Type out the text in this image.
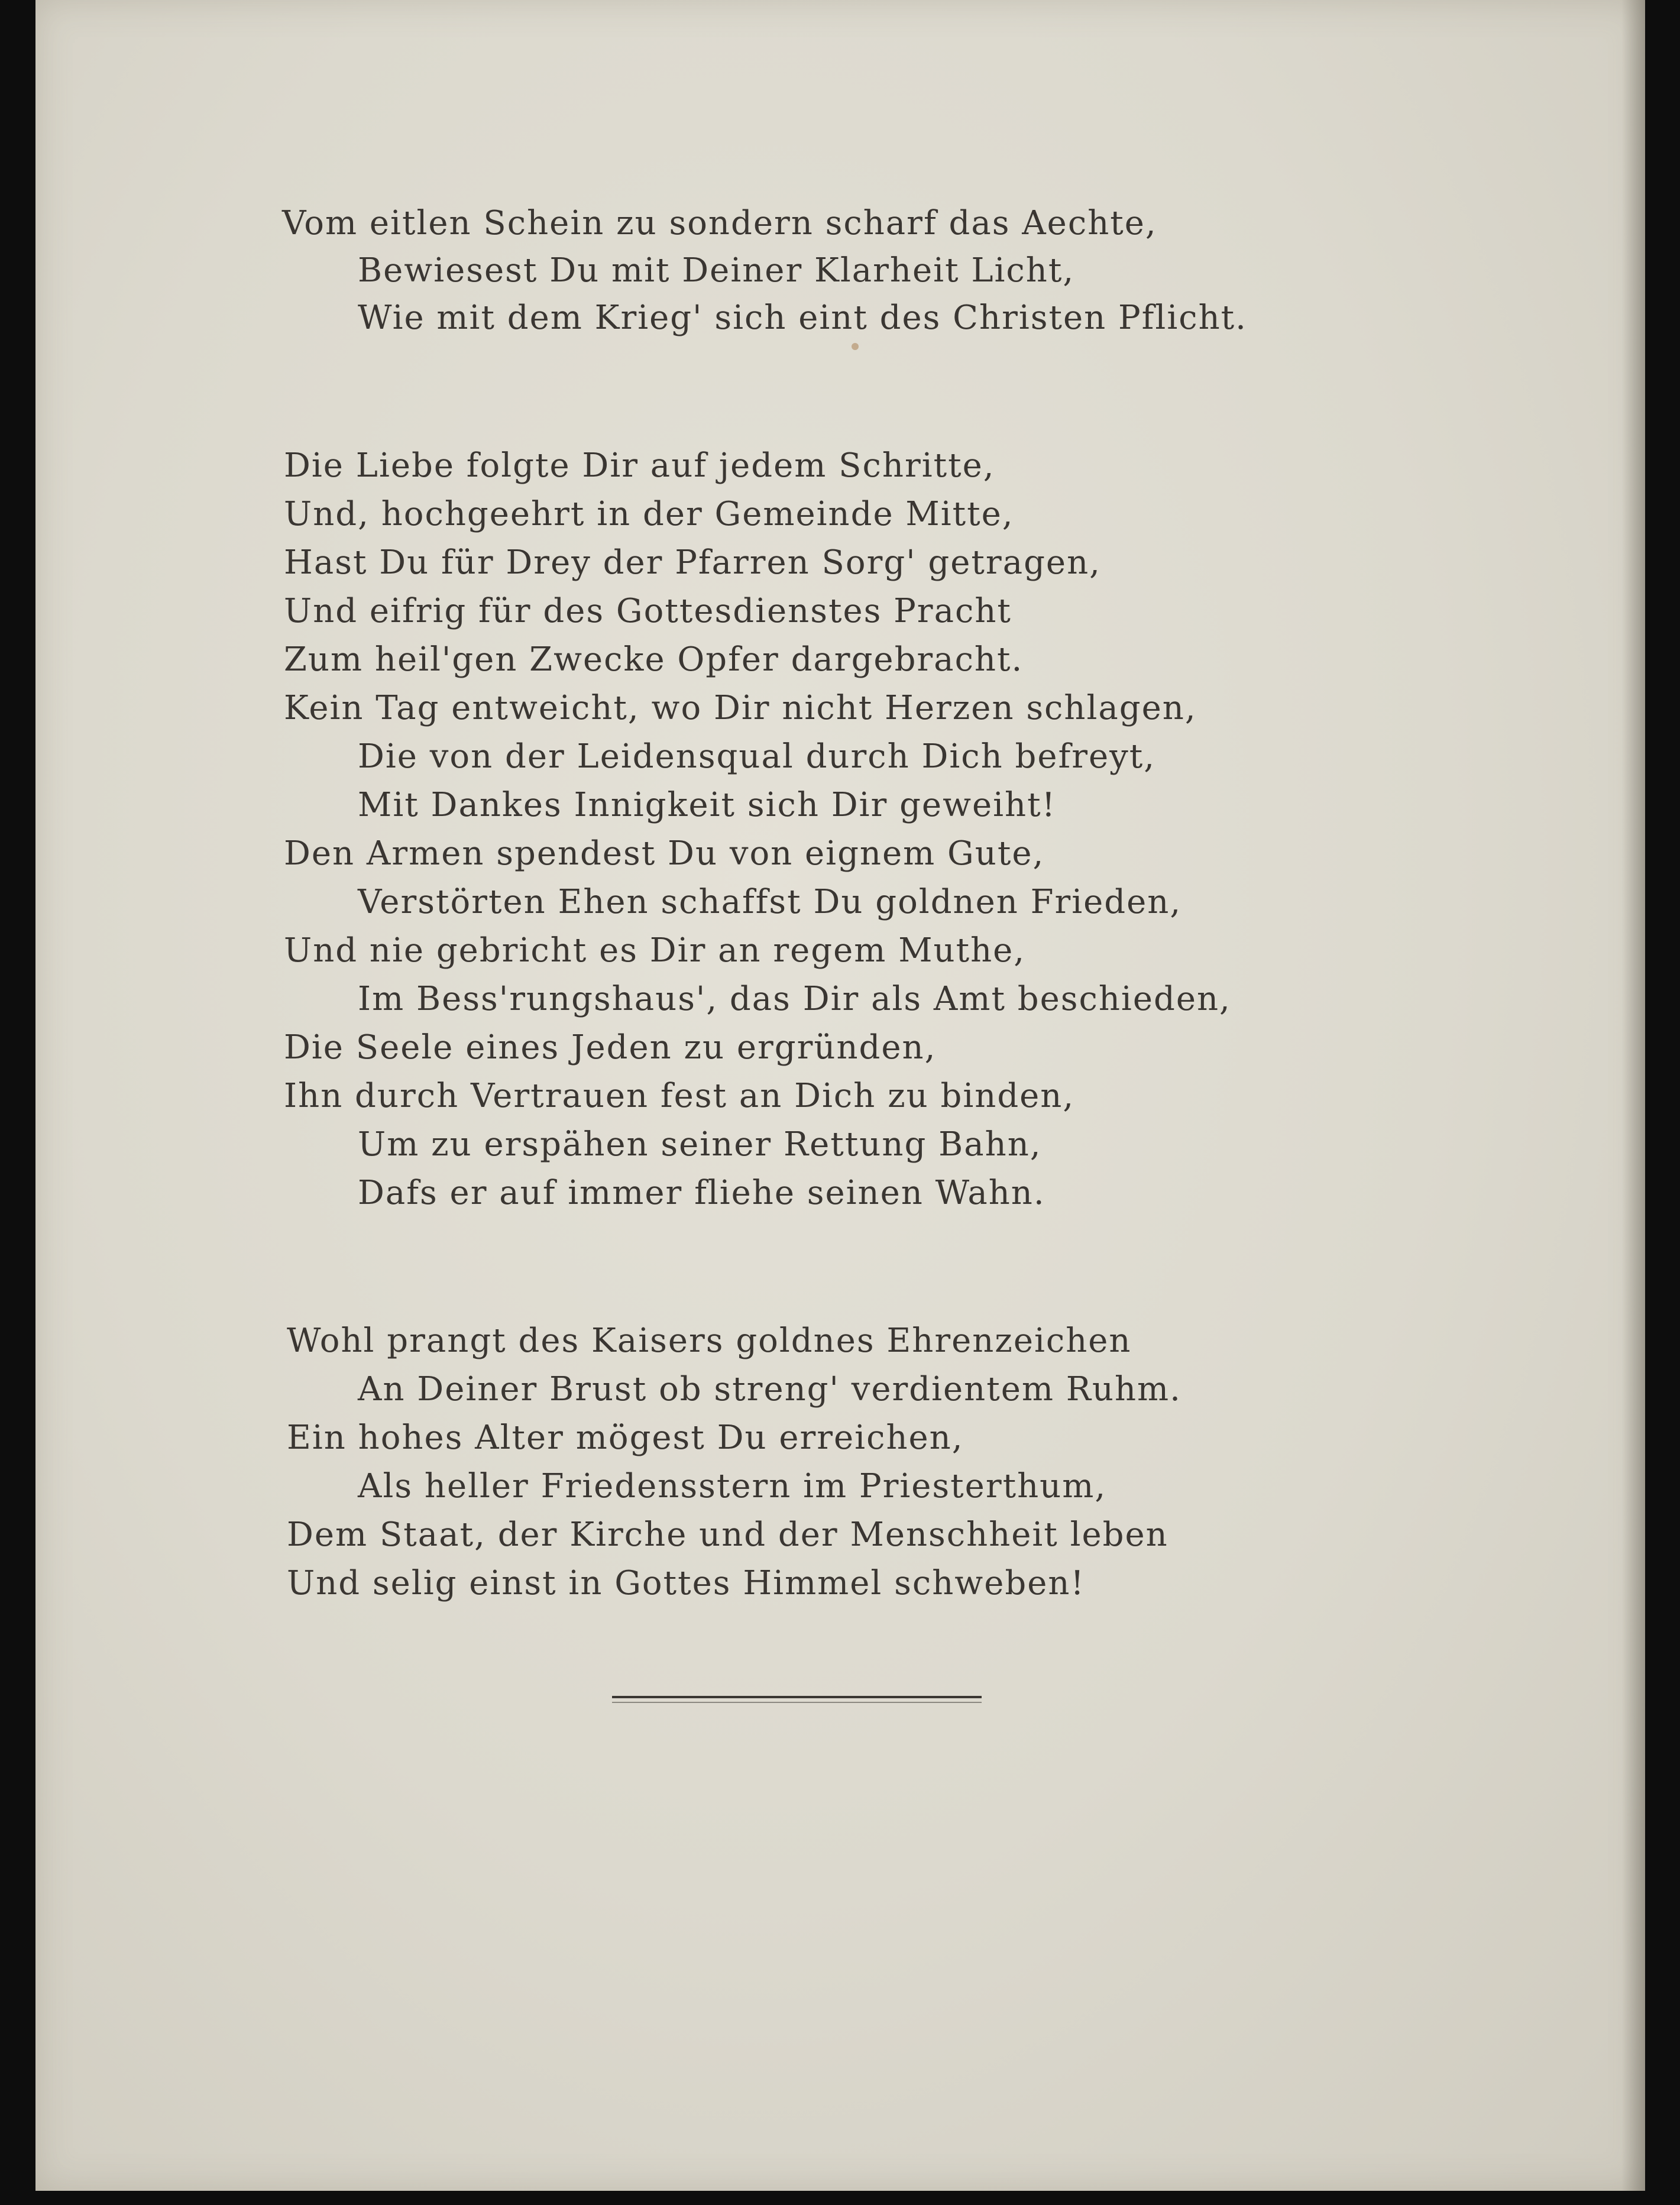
Vom eitlen Schein zu sondern scharf das Aechte,
Bewiesest Du mit Deiner Klarheit Licht,
Wie mit dem Krieg' sich eint des Christen Pflicht.
Die Liebe folgte Dir auf jedem Schritte,
Und, hochgeehrt in der Gemeinde Mitte,
Hast Du für Drey der Pfarren Sorg' getragen,
Und eifrig für des Gottesdienstes Pracht
Zum heil'gen Zwecke Opfer dargebracht.
Kein Tag entweicht, wo Dir nicht Herzen schlagen,
Die von der Leidensqual durch Dich befreyt,
Mit Dankes Innigkeit sich Dir geweiht!
Den Armen spendest Du von eignem Gute,
Verstörten Ehen schaffst Du goldnen Frieden,
Und nie gebricht es Dir an regem Muthe,
Im Bess'rungshaus', das Dir als Amt beschieden,
Die Seele eines Jeden zu ergründen,
Ihn durch Vertrauen fest an Dich zu binden,
Um zu erspähen seiner Rettung Bahn,
Dafs er auf immer fliehe seinen Wahn.
Wohl prangt des Kaisers goldnes Ehrenzeichen
An Deiner Brust ob streng' verdientem Ruhm.
Ein hohes Alter mögest Du erreichen,
Als heller Friedensstern im Priesterthum,
Dem Staat, der Kirche und der Menschheit leben
Und selig einst in Gottes Himmel schweben!
